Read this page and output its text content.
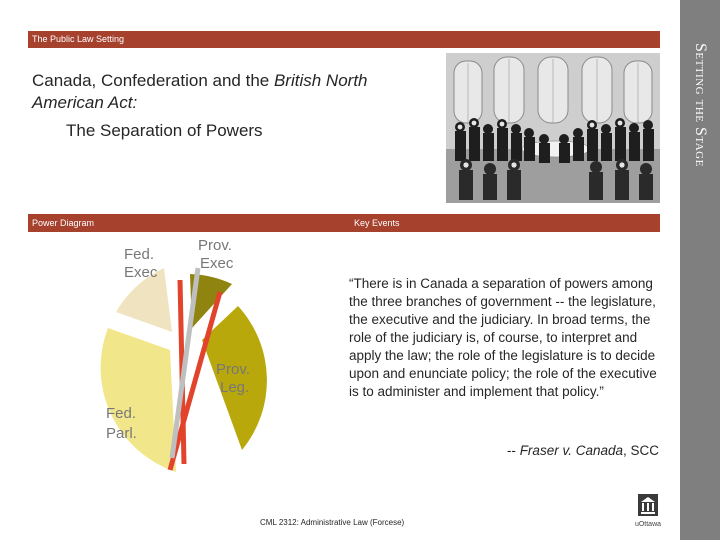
Setting the Stage
The Public Law Setting
Canada, Confederation and the British North American Act:
The Separation of Powers
Power Diagram	Key Events
Fed.
Exec
Prov.
Exec
Prov.
Leg.
Fed.
Parl.
“There is in Canada a separation of powers among the three branches of government -- the legislature, the executive and the judiciary. In broad terms, the role of the judiciary is, of course, to interpret and apply the law; the role of the legislature is to decide upon and enunciate policy; the role of the executive is to administer and implement that policy.”
-- Fraser v. Canada, SCC
CML 2312: Administrative Law (Forcese)	uOttawa
